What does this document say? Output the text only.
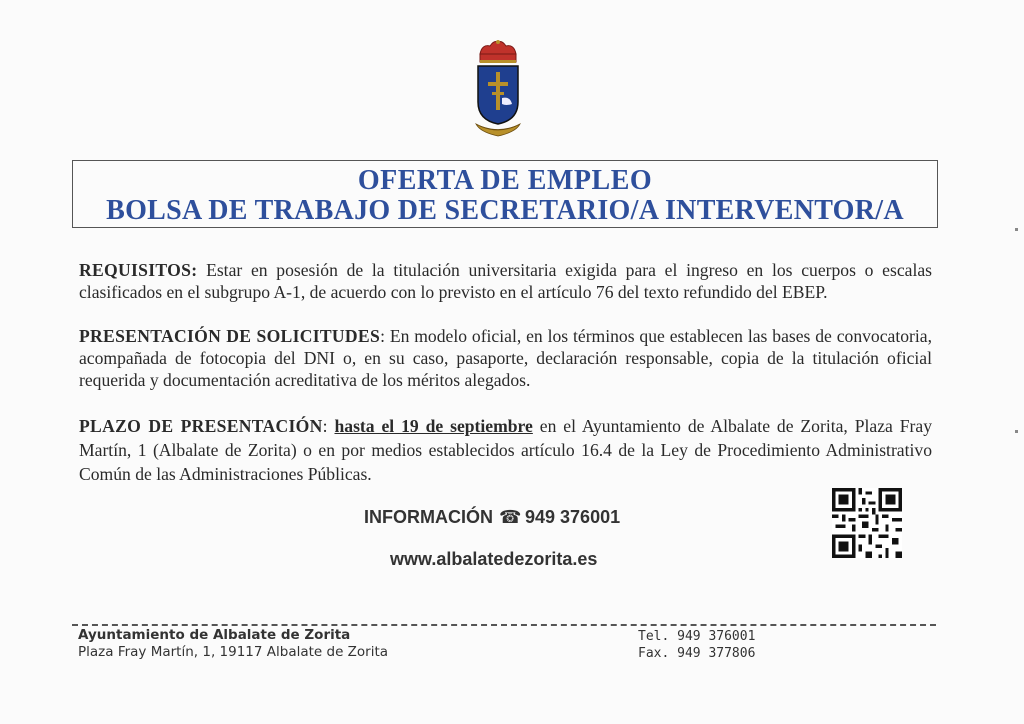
OFERTA DE EMPLEO
BOLSA DE TRABAJO DE SECRETARIO/A INTERVENTOR/A
REQUISITOS: Estar en posesión de la titulación universitaria exigida para el ingreso en los cuerpos o escalas clasificados en el subgrupo A-1, de acuerdo con lo previsto en el artículo 76 del texto refundido del EBEP.
PRESENTACIÓN DE SOLICITUDES: En modelo oficial, en los términos que establecen las bases de convocatoria, acompañada de fotocopia del DNI o, en su caso, pasaporte, declaración responsable, copia de la titulación oficial requerida y documentación acreditativa de los méritos alegados.
PLAZO DE PRESENTACIÓN: hasta el 19 de septiembre en el Ayuntamiento de Albalate de Zorita, Plaza Fray Martín, 1 (Albalate de Zorita) o en por medios establecidos artículo 16.4 de la Ley de Procedimiento Administrativo Común de las Administraciones Públicas.
INFORMACIÓN ☎ 949 376001
www.albalatedezorita.es
Ayuntamiento de Albalate de Zorita
Plaza Fray Martín, 1, 19117 Albalate de Zorita
Tel. 949 376001
Fax. 949 377806
